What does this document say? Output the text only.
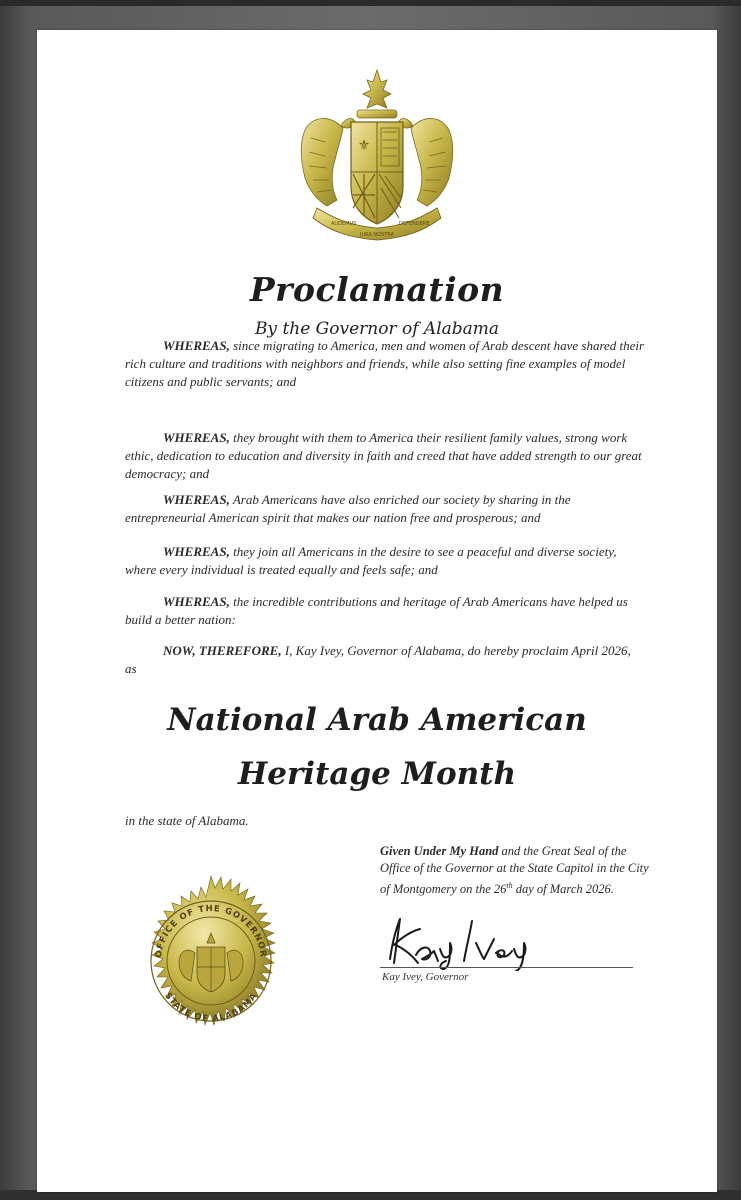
⚜
AUDEMUS
JURA NOSTRA
DEFENDERE
Proclamation
By the Governor of Alabama
WHEREAS, since migrating to America, men and women of Arab descent have shared their rich culture and traditions with neighbors and friends, while also setting fine examples of model citizens and public servants; and
WHEREAS, they brought with them to America their resilient family values, strong work ethic, dedication to education and diversity in faith and creed that have added strength to our great democracy; and
WHEREAS, Arab Americans have also enriched our society by sharing in the entrepreneurial American spirit that makes our nation free and prosperous; and
WHEREAS, they join all Americans in the desire to see a peaceful and diverse society, where every individual is treated equally and feels safe; and
WHEREAS, the incredible contributions and heritage of Arab Americans have helped us build a better nation:
NOW, THEREFORE, I, Kay Ivey, Governor of Alabama, do hereby proclaim April 2026, as
National Arab American
Heritage Month
in the state of Alabama.
Given Under My Hand and the Great Seal of the Office of the Governor at the State Capitol in the City of Montgomery on the 26th day of March 2026.
OFFICE OF THE GOVERNOR
STATE OF ALABAMA
Kay Ivey, Governor
